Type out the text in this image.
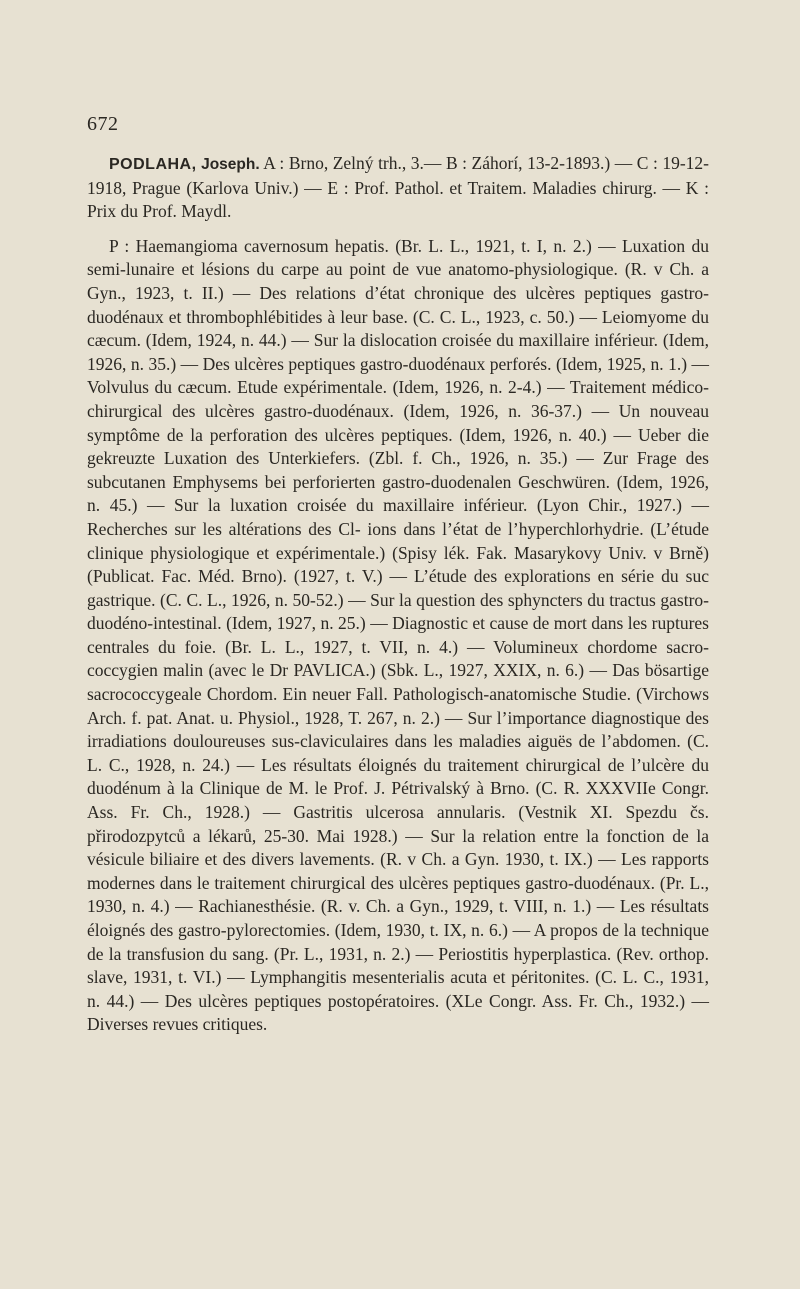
672

PODLAHA, Joseph. A : Brno, Zelný trh., 3.— B : Záhorí, 13-2-1893.) — C : 19-12-1918, Prague (Karlova Univ.) — E : Prof. Pathol. et Traitem. Maladies chirurg. — K : Prix du Prof. Maydl.

P : Haemangioma cavernosum hepatis. (Br. L. L., 1921, t. I, n. 2.) — Luxation du semi-lunaire et lésions du carpe au point de vue anatomo-physiologique. (R. v Ch. a Gyn., 1923, t. II.) — Des relations d’état chronique des ulcères peptiques gastro-duodénaux et thrombophlébitides à leur base. (C. C. L., 1923, c. 50.) — Leiomyome du cæcum. (Idem, 1924, n. 44.) — Sur la dislocation croisée du maxillaire inférieur. (Idem, 1926, n. 35.) — Des ulcères peptiques gastro-duodénaux perforés. (Idem, 1925, n. 1.) — Volvulus du cæcum. Etude expérimentale. (Idem, 1926, n. 2-4.) — Traitement médico-chirurgical des ulcères gastro-duodénaux. (Idem, 1926, n. 36-37.) — Un nouveau symptôme de la perforation des ulcères peptiques. (Idem, 1926, n. 40.) — Ueber die gekreuzte Luxation des Unterkiefers. (Zbl. f. Ch., 1926, n. 35.) — Zur Frage des subcutanen Emphysems bei perforierten gastro-duodenalen Geschwüren. (Idem, 1926, n. 45.) — Sur la luxation croisée du maxillaire inférieur. (Lyon Chir., 1927.) — Recherches sur les altérations des Cl- ions dans l’état de l’hyperchlorhydrie. (L’étude clinique physiologique et expérimentale.) (Spisy lék. Fak. Masarykovy Univ. v Brně) (Publicat. Fac. Méd. Brno). (1927, t. V.) — L’étude des explorations en série du suc gastrique. (C. C. L., 1926, n. 50-52.) — Sur la question des sphyncters du tractus gastro-duodéno-intestinal. (Idem, 1927, n. 25.) — Diagnostic et cause de mort dans les ruptures centrales du foie. (Br. L. L., 1927, t. VII, n. 4.) — Volumineux chordome sacro-coccygien malin (avec le Dr PAVLICA.) (Sbk. L., 1927, XXIX, n. 6.) — Das bösartige sacrococcygeale Chordom. Ein neuer Fall. Pathologisch-anatomische Studie. (Virchows Arch. f. pat. Anat. u. Physiol., 1928, T. 267, n. 2.) — Sur l’importance diagnostique des irradiations douloureuses sus-claviculaires dans les maladies aiguës de l’abdomen. (C. L. C., 1928, n. 24.) — Les résultats éloignés du traitement chirurgical de l’ulcère du duodénum à la Clinique de M. le Prof. J. Pétrivalský à Brno. (C. R. XXXVIIe Congr. Ass. Fr. Ch., 1928.) — Gastritis ulcerosa annularis. (Vestnik XI. Spezdu čs. přirodozpytců a lékarů, 25-30. Mai 1928.) — Sur la relation entre la fonction de la vésicule biliaire et des divers lavements. (R. v Ch. a Gyn. 1930, t. IX.) — Les rapports modernes dans le traitement chirurgical des ulcères peptiques gastro-duodénaux. (Pr. L., 1930, n. 4.) — Rachianesthésie. (R. v. Ch. a Gyn., 1929, t. VIII, n. 1.) — Les résultats éloignés des gastro-pylorectomies. (Idem, 1930, t. IX, n. 6.) — A propos de la technique de la transfusion du sang. (Pr. L., 1931, n. 2.) — Periostitis hyperplastica. (Rev. orthop. slave, 1931, t. VI.) — Lymphangitis mesenterialis acuta et péritonites. (C. L. C., 1931, n. 44.) — Des ulcères peptiques postopératoires. (XLe Congr. Ass. Fr. Ch., 1932.) — Diverses revues critiques.
